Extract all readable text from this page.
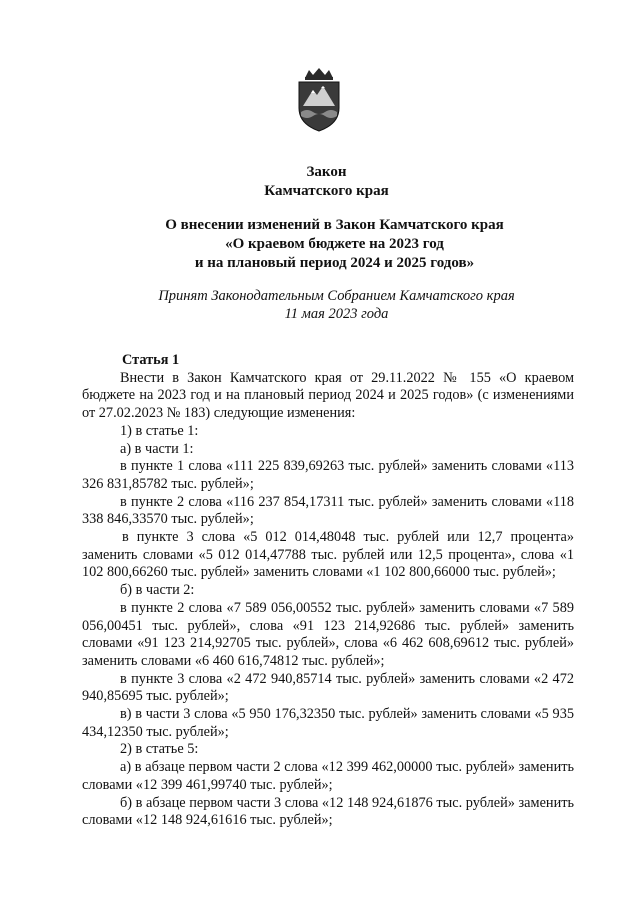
Закон
Камчатского края
О внесении изменений в Закон Камчатского края
«О краевом бюджете на 2023 год
и на плановый период 2024 и 2025 годов»
Принят Законодательным Собранием Камчатского края
11 мая 2023 года

Статья 1

Внести в Закон Камчатского края от 29.11.2022 № 155 «О краевом бюджете на 2023 год и на плановый период 2024 и 2025 годов» (с изменениями от 27.02.2023 № 183) следующие изменения:

1) в статье 1:

а) в части 1:

в пункте 1 слова «111 225 839,69263 тыс. рублей» заменить словами «113 326 831,85782 тыс. рублей»;

в пункте 2 слова «116 237 854,17311 тыс. рублей» заменить словами «118 338 846,33570 тыс. рублей»;

в пункте 3 слова «5 012 014,48048 тыс. рублей или 12,7 процента» заменить словами «5 012 014,47788 тыс. рублей или 12,5 процента», слова «1 102 800,66260 тыс. рублей» заменить словами «1 102 800,66000 тыс. рублей»;

б) в части 2:

в пункте 2 слова «7 589 056,00552 тыс. рублей» заменить словами «7 589 056,00451 тыс. рублей», слова «91 123 214,92686 тыс. рублей» заменить словами «91 123 214,92705 тыс. рублей», слова «6 462 608,69612 тыс. рублей» заменить словами «6 460 616,74812 тыс. рублей»;

в пункте 3 слова «2 472 940,85714 тыс. рублей» заменить словами «2 472 940,85695 тыс. рублей»;

в) в части 3 слова «5 950 176,32350 тыс. рублей» заменить словами «5 935 434,12350 тыс. рублей»;

2) в статье 5:

а) в абзаце первом части 2 слова «12 399 462,00000 тыс. рублей» заменить словами «12 399 461,99740 тыс. рублей»;

б) в абзаце первом части 3 слова «12 148 924,61876 тыс. рублей» заменить словами «12 148 924,61616 тыс. рублей»;
